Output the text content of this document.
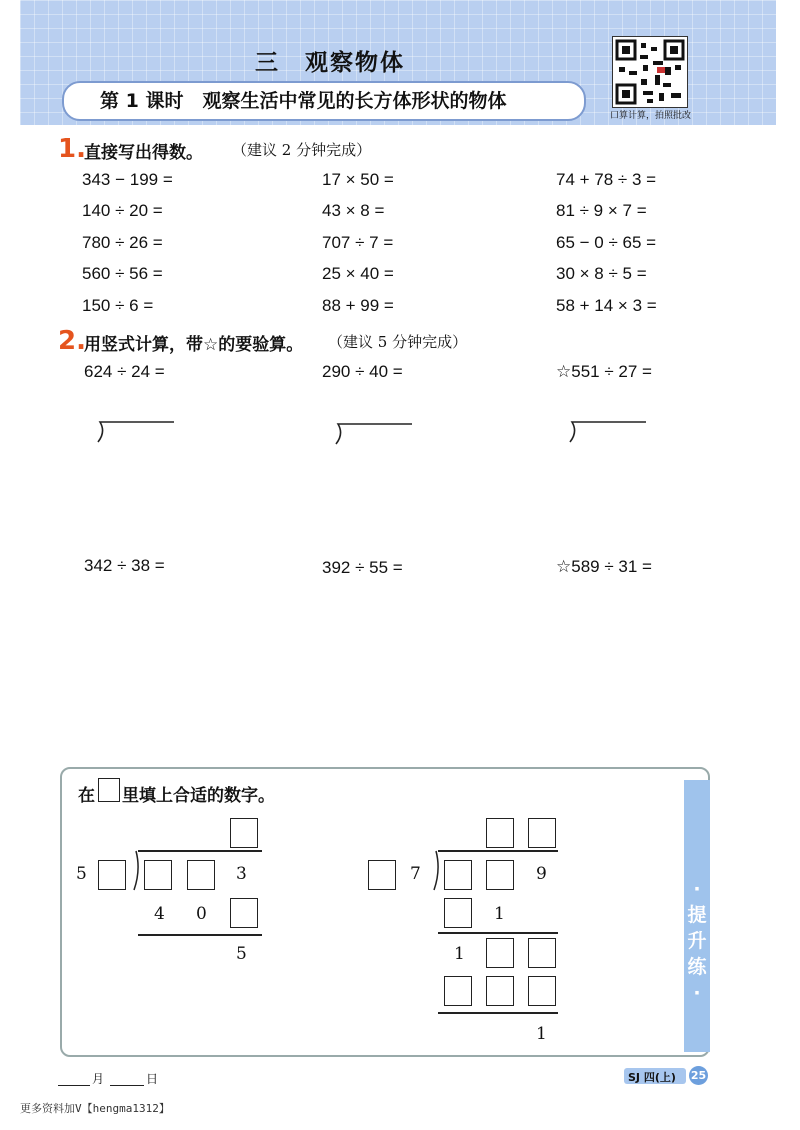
三　观察物体
第 1 课时　观察生活中常见的长方体形状的物体
口算计算，拍照批改
1.
直接写出得数。 （建议 2 分钟完成）
343 − 199 =	17 × 50 =	74 + 78 ÷ 3 =
140 ÷ 20 =	43 × 8 =	81 ÷ 9 × 7 =
780 ÷ 26 =	707 ÷ 7 =	65 − 0 ÷ 65 =
560 ÷ 56 =	25 × 40 =	30 × 8 ÷ 5 =
150 ÷ 6 =	88 + 99 =	58 + 14 × 3 =
2.
用竖式计算，带☆的要验算。 （建议 5 分钟完成）
624 ÷ 24 =	290 ÷ 40 =	☆551 ÷ 27 =
342 ÷ 38 =	392 ÷ 55 =	☆589 ÷ 31 =
·提升练·
在 里填上合适的数字。
5	3
4 0
5
7	9
1
1
1
月	日	SJ 四(上) 25
更多资料加V【hengma1312】
